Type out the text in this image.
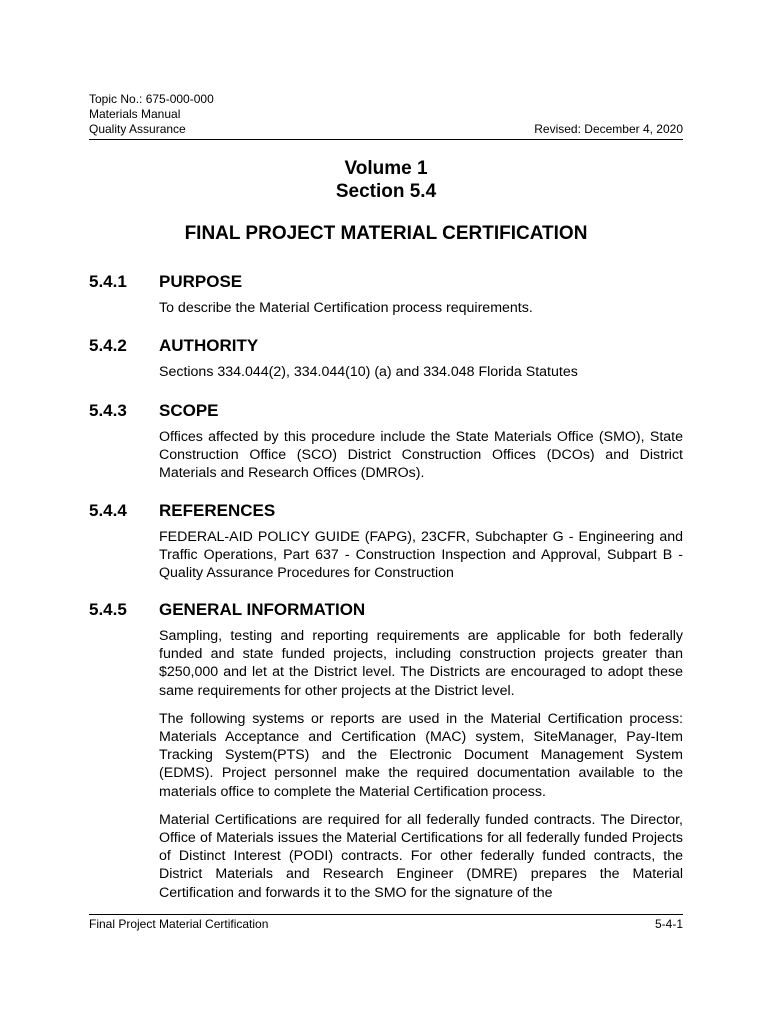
Topic No.: 675-000-000
Materials Manual
Quality Assurance	Revised: December 4, 2020
Volume 1
Section 5.4
FINAL PROJECT MATERIAL CERTIFICATION
5.4.1	PURPOSE

To describe the Material Certification process requirements.

5.4.2	AUTHORITY

Sections 334.044(2), 334.044(10) (a) and 334.048 Florida Statutes

5.4.3	SCOPE

Offices affected by this procedure include the State Materials Office (SMO), State Construction Office (SCO) District Construction Offices (DCOs) and District Materials and Research Offices (DMROs).

5.4.4	REFERENCES

FEDERAL-AID POLICY GUIDE (FAPG), 23CFR, Subchapter G - Engineering and Traffic Operations, Part 637 - Construction Inspection and Approval, Subpart B - Quality Assurance Procedures for Construction

5.4.5	GENERAL INFORMATION

Sampling, testing and reporting requirements are applicable for both federally funded and state funded projects, including construction projects greater than $250,000 and let at the District level. The Districts are encouraged to adopt these same requirements for other projects at the District level.

The following systems or reports are used in the Material Certification process: Materials Acceptance and Certification (MAC) system, SiteManager, Pay-Item Tracking System(PTS) and the Electronic Document Management System (EDMS). Project personnel make the required documentation available to the materials office to complete the Material Certification process.

Material Certifications are required for all federally funded contracts. The Director, Office of Materials issues the Material Certifications for all federally funded Projects of Distinct Interest (PODI) contracts. For other federally funded contracts, the District Materials and Research Engineer (DMRE) prepares the Material Certification and forwards it to the SMO for the signature of the

Final Project Material Certification	5-4-1
